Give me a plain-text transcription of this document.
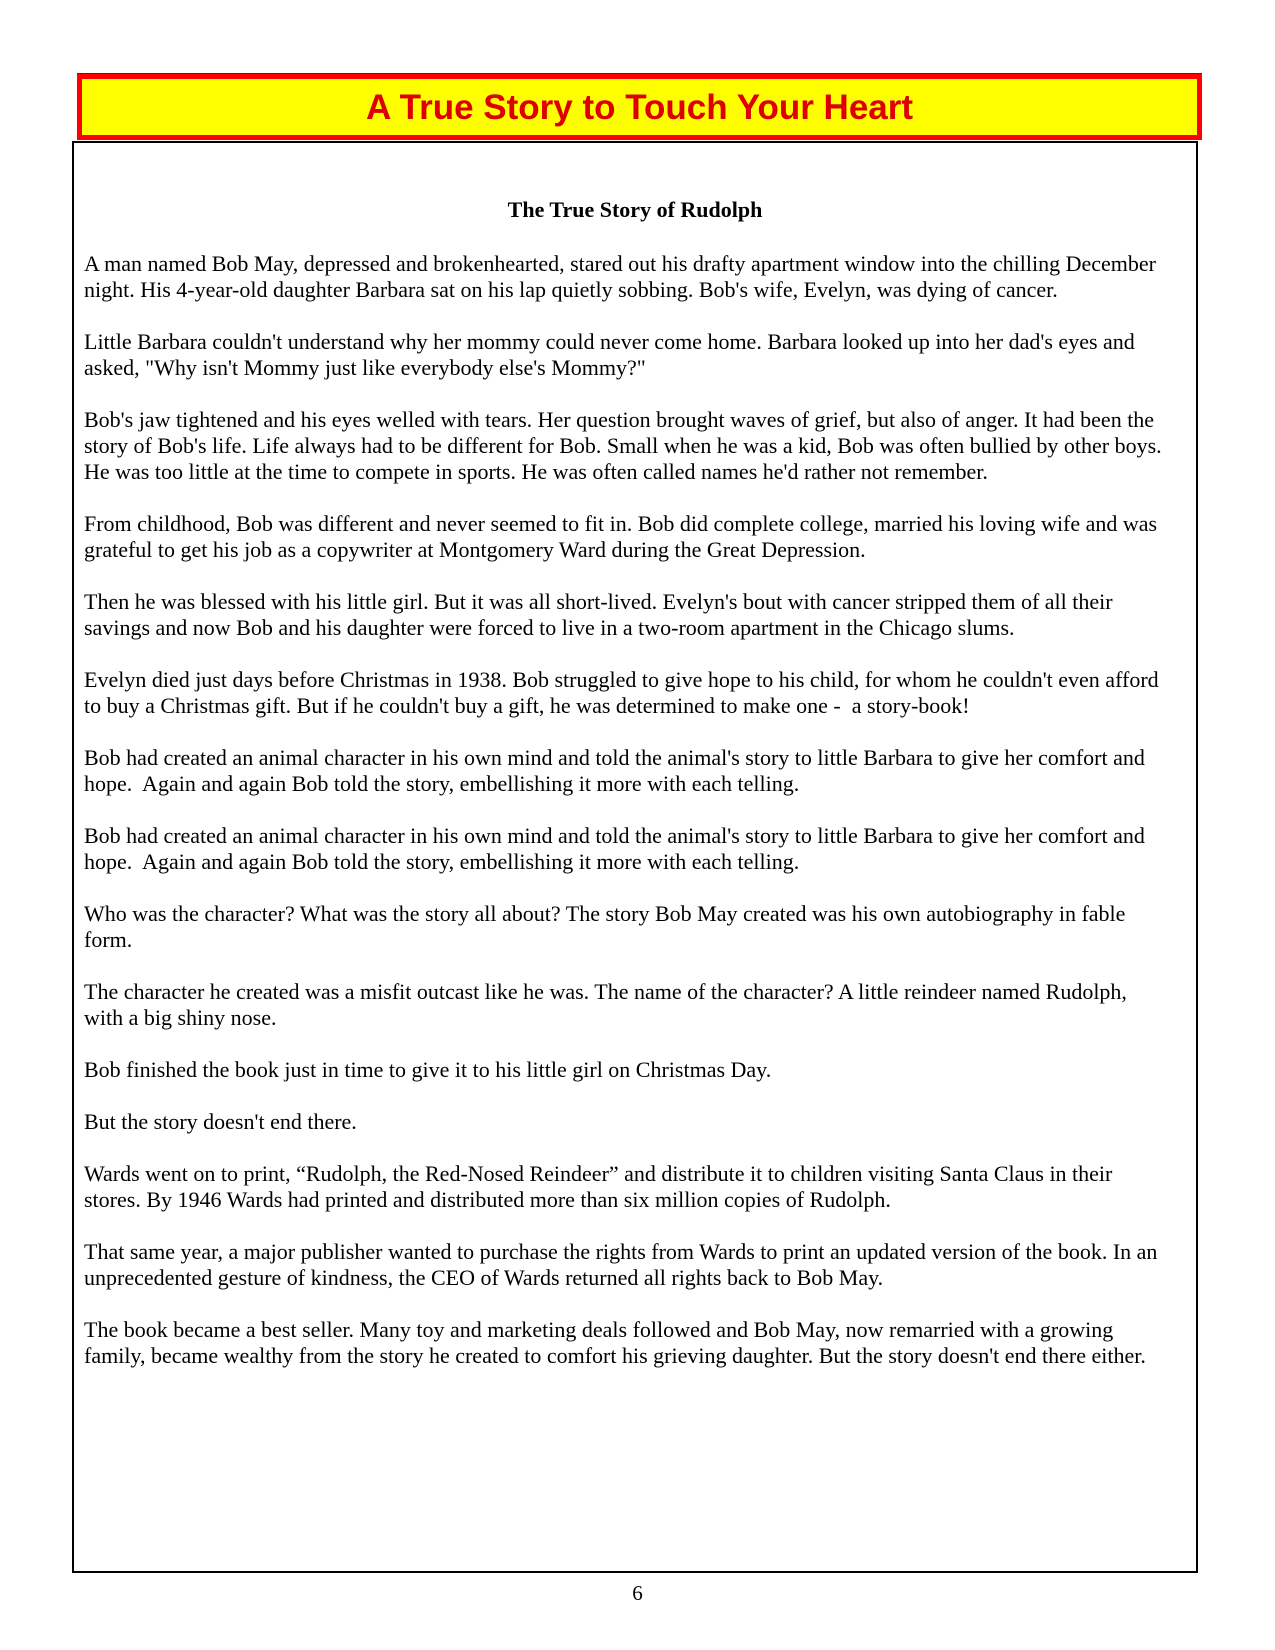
A True Story to Touch Your Heart
The True Story of Rudolph

A man named Bob May, depressed and brokenhearted, stared out his drafty apartment window into the chilling December night. His 4-year-old daughter Barbara sat on his lap quietly sobbing. Bob's wife, Evelyn, was dying of cancer.

Little Barbara couldn't understand why her mommy could never come home. Barbara looked up into her dad's eyes and asked, "Why isn't Mommy just like everybody else's Mommy?"

Bob's jaw tightened and his eyes welled with tears. Her question brought waves of grief, but also of anger. It had been the story of Bob's life. Life always had to be different for Bob. Small when he was a kid, Bob was often bullied by other boys. He was too little at the time to compete in sports. He was often called names he'd rather not remember.

From childhood, Bob was different and never seemed to fit in. Bob did complete college, married his loving wife and was grateful to get his job as a copywriter at Montgomery Ward during the Great Depression.

Then he was blessed with his little girl. But it was all short-lived. Evelyn's bout with cancer stripped them of all their savings and now Bob and his daughter were forced to live in a two-room apartment in the Chicago slums.

Evelyn died just days before Christmas in 1938. Bob struggled to give hope to his child, for whom he couldn't even afford to buy a Christmas gift. But if he couldn't buy a gift, he was determined to make one -  a story-book!

Bob had created an animal character in his own mind and told the animal's story to little Barbara to give her comfort and hope.  Again and again Bob told the story, embellishing it more with each telling.

Bob had created an animal character in his own mind and told the animal's story to little Barbara to give her comfort and hope.  Again and again Bob told the story, embellishing it more with each telling.

Who was the character? What was the story all about? The story Bob May created was his own autobiography in fable form.

The character he created was a misfit outcast like he was. The name of the character? A little reindeer named Rudolph, with a big shiny nose.

Bob finished the book just in time to give it to his little girl on Christmas Day.

But the story doesn't end there.

Wards went on to print, “Rudolph, the Red-Nosed Reindeer” and distribute it to children visiting Santa Claus in their stores. By 1946 Wards had printed and distributed more than six million copies of Rudolph.

That same year, a major publisher wanted to purchase the rights from Wards to print an updated version of the book. In an unprecedented gesture of kindness, the CEO of Wards returned all rights back to Bob May.

The book became a best seller. Many toy and marketing deals followed and Bob May, now remarried with a growing family, became wealthy from the story he created to comfort his grieving daughter. But the story doesn't end there either.

6
